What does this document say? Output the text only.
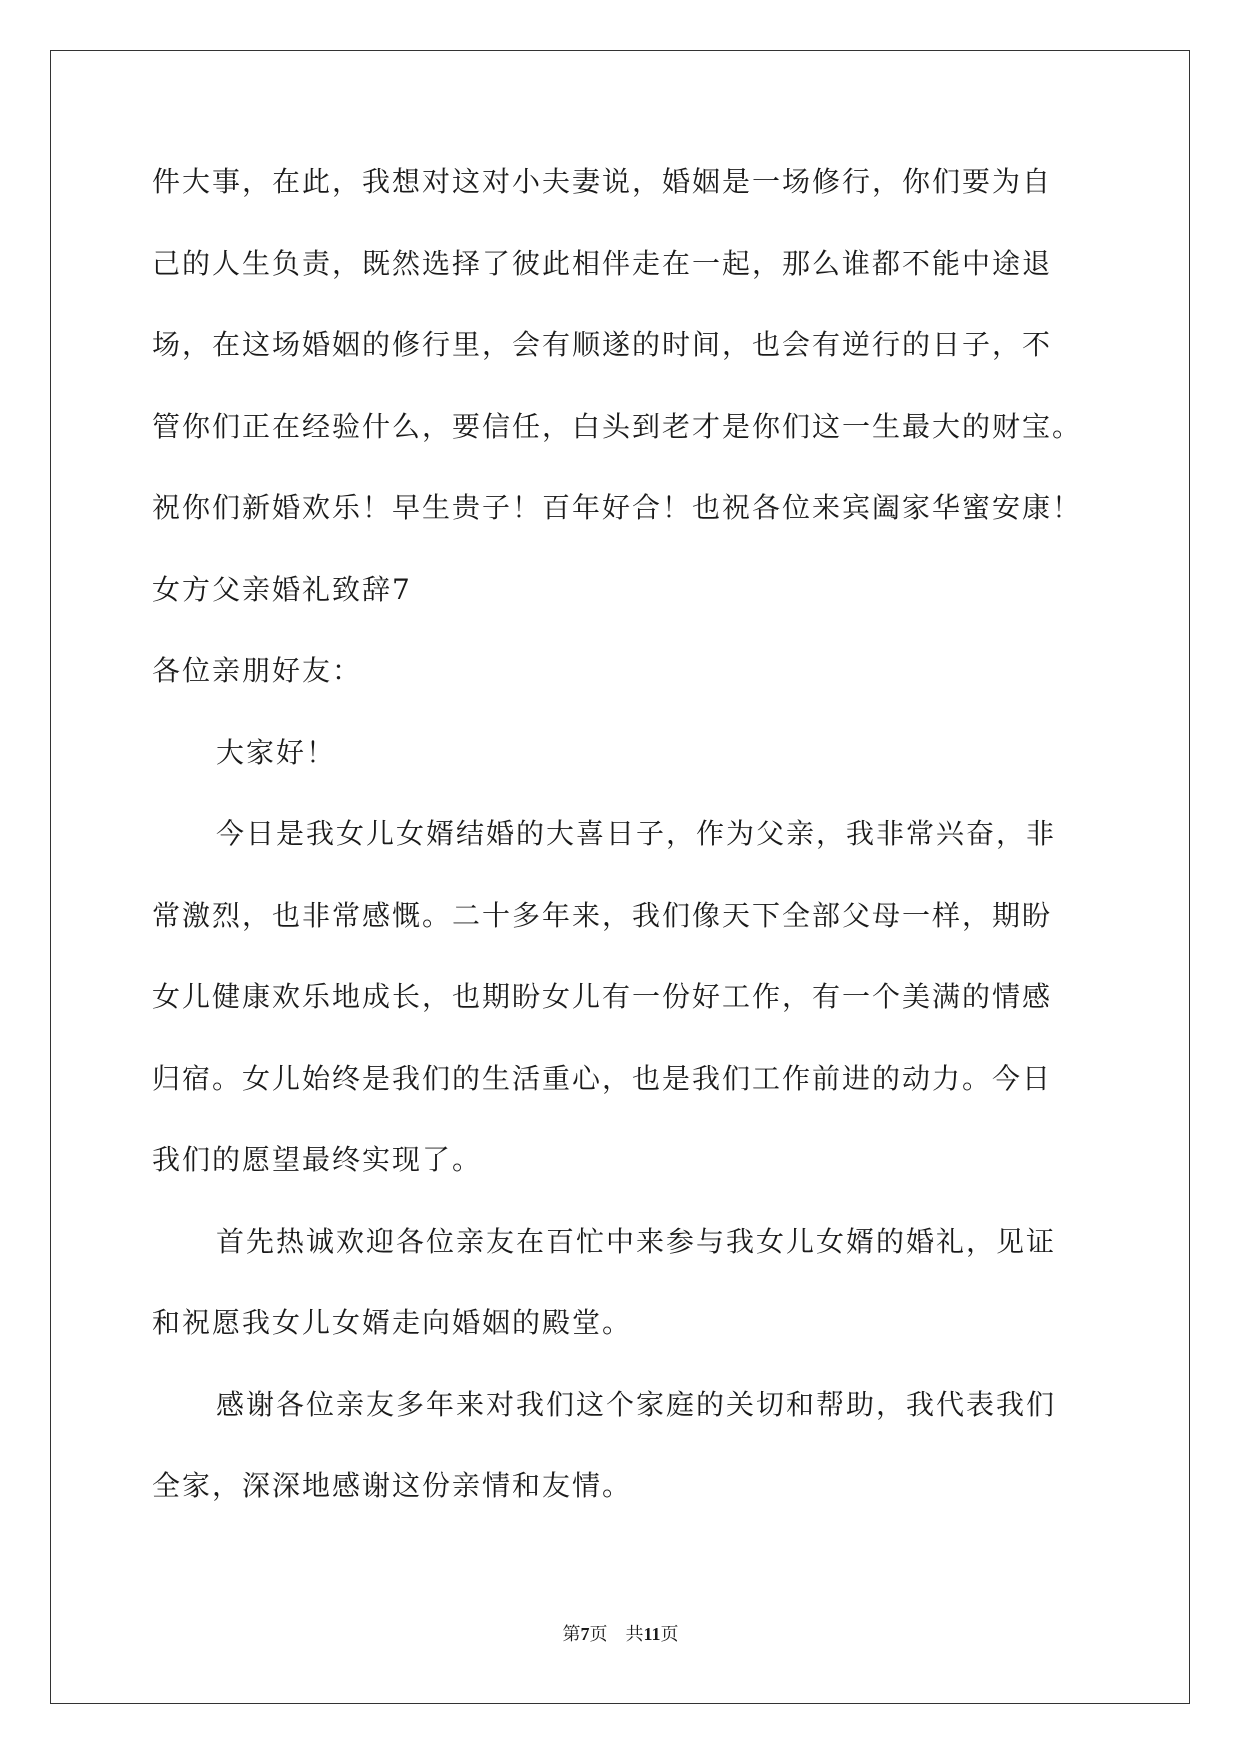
件大事，在此，我想对这对小夫妻说，婚姻是一场修行，你们要为自
己的人生负责，既然选择了彼此相伴走在一起，那么谁都不能中途退
场，在这场婚姻的修行里，会有顺遂的时间，也会有逆行的日子，不
管你们正在经验什么，要信任，白头到老才是你们这一生最大的财宝。
祝你们新婚欢乐！早生贵子！百年好合！也祝各位来宾阖家华蜜安康！
女方父亲婚礼致辞7
各位亲朋好友：
大家好！
今日是我女儿女婿结婚的大喜日子，作为父亲，我非常兴奋，非
常激烈，也非常感慨。二十多年来，我们像天下全部父母一样，期盼
女儿健康欢乐地成长，也期盼女儿有一份好工作，有一个美满的情感
归宿。女儿始终是我们的生活重心，也是我们工作前进的动力。今日
我们的愿望最终实现了。
首先热诚欢迎各位亲友在百忙中来参与我女儿女婿的婚礼，见证
和祝愿我女儿女婿走向婚姻的殿堂。
感谢各位亲友多年来对我们这个家庭的关切和帮助，我代表我们
全家，深深地感谢这份亲情和友情。
第7页 共11页
